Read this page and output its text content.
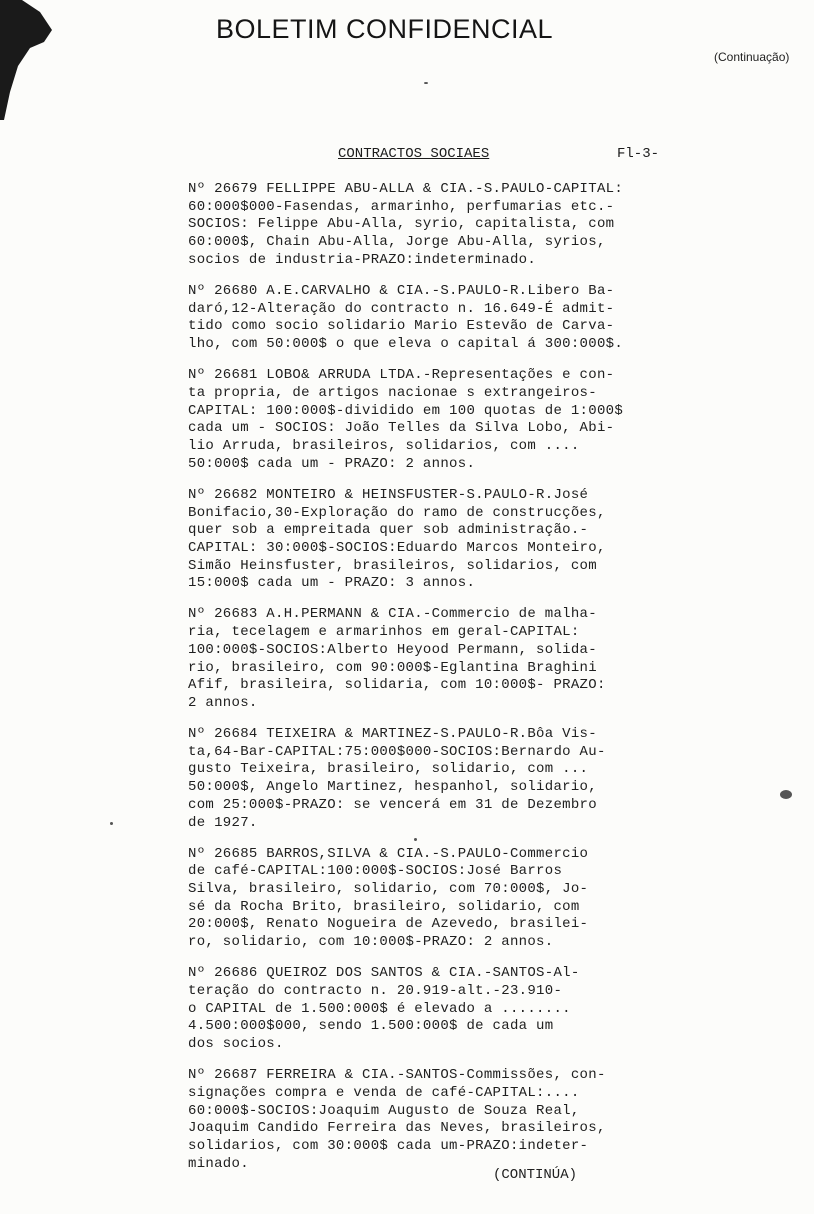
BOLETIM CONFIDENCIAL
(Continuação)
CONTRACTOS SOCIAES	Fl-3-
Nº 26679 FELLIPPE ABU-ALLA & CIA.-S.PAULO-CAPITAL:
60:000$000-Fasendas, armarinho, perfumarias etc.-
SOCIOS: Felippe Abu-Alla, syrio, capitalista, com
60:000$, Chain Abu-Alla, Jorge Abu-Alla, syrios,
socios de industria-PRAZO:indeterminado.
Nº 26680 A.E.CARVALHO & CIA.-S.PAULO-R.Libero Ba-
daró,12-Alteração do contracto n. 16.649-É admit-
tido como socio solidario Mario Estevão de Carva-
lho, com 50:000$ o que eleva o capital á 300:000$.
Nº 26681 LOBO& ARRUDA LTDA.-Representações e con-
ta propria, de artigos nacionae s extrangeiros-
CAPITAL: 100:000$-dividido em 100 quotas de 1:000$
cada um - SOCIOS: João Telles da Silva Lobo, Abi-
lio Arruda, brasileiros, solidarios, com ....
50:000$ cada um - PRAZO: 2 annos.
Nº 26682 MONTEIRO & HEINSFUSTER-S.PAULO-R.José
Bonifacio,30-Exploração do ramo de construcções,
quer sob a empreitada quer sob administração.-
CAPITAL: 30:000$-SOCIOS:Eduardo Marcos Monteiro,
Simão Heinsfuster, brasileiros, solidarios, com
15:000$ cada um - PRAZO: 3 annos.
Nº 26683 A.H.PERMANN & CIA.-Commercio de malha-
ria, tecelagem e armarinhos em geral-CAPITAL:
100:000$-SOCIOS:Alberto Heyood Permann, solida-
rio, brasileiro, com 90:000$-Eglantina Braghini
Afif, brasileira, solidaria, com 10:000$- PRAZO:
2 annos.
Nº 26684 TEIXEIRA & MARTINEZ-S.PAULO-R.Bôa Vis-
ta,64-Bar-CAPITAL:75:000$000-SOCIOS:Bernardo Au-
gusto Teixeira, brasileiro, solidario, com ...
50:000$, Angelo Martinez, hespanhol, solidario,
com 25:000$-PRAZO: se vencerá em 31 de Dezembro
de 1927.
Nº 26685 BARROS,SILVA & CIA.-S.PAULO-Commercio
de café-CAPITAL:100:000$-SOCIOS:José Barros
Silva, brasileiro, solidario, com 70:000$, Jo-
sé da Rocha Brito, brasileiro, solidario, com
20:000$, Renato Nogueira de Azevedo, brasilei-
ro, solidario, com 10:000$-PRAZO: 2 annos.
Nº 26686 QUEIROZ DOS SANTOS & CIA.-SANTOS-Al-
teração do contracto n. 20.919-alt.-23.910-
o CAPITAL de 1.500:000$ é elevado a ........
4.500:000$000, sendo 1.500:000$ de cada um
dos socios.
Nº 26687 FERREIRA & CIA.-SANTOS-Commissões, con-
signações compra e venda de café-CAPITAL:....
60:000$-SOCIOS:Joaquim Augusto de Souza Real,
Joaquim Candido Ferreira das Neves, brasileiros,
solidarios, com 30:000$ cada um-PRAZO:indeter-
minado.
(CONTINÚA)
